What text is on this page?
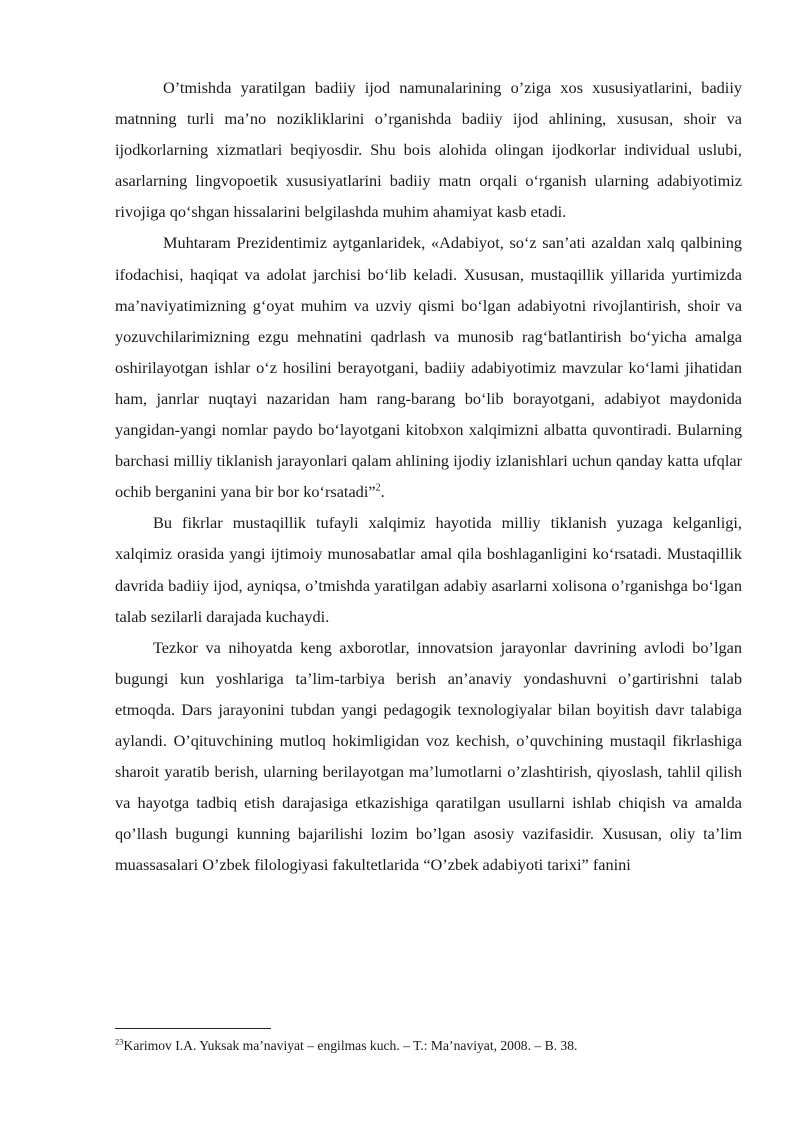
O’tmishda yaratilgan badiiy ijod namunalarining o’ziga xos xususiyatlarini, badiiy matnning turli ma’no nozikliklarini o’rganishda badiiy ijod ahlining, xususan, shoir va ijodkorlarning xizmatlari beqiyosdir. Shu bois alohida olingan ijodkorlar individual uslubi, asarlarning lingvopoetik xususiyatlarini badiiy matn orqali o‘rganish ularning adabiyotimiz rivojiga qo‘shgan hissalarini belgilashda muhim ahamiyat kasb etadi.

Muhtaram Prezidentimiz aytganlaridek, «Adabiyot, so‘z san’ati azaldan xalq qalbining ifodachisi, haqiqat va adolat jarchisi bo‘lib keladi. Xususan, mustaqillik yillarida yurtimizda ma’naviyatimizning g‘oyat muhim va uzviy qismi bo‘lgan adabiyotni rivojlantirish, shoir va yozuvchilarimizning ezgu mehnatini qadrlash va munosib rag‘batlantirish bo‘yicha amalga oshirilayotgan ishlar o‘z hosilini berayotgani, badiiy adabiyotimiz mavzular ko‘lami jihatidan ham, janrlar nuqtayi nazaridan ham rang-barang bo‘lib borayotgani, adabiyot maydonida yangidan-yangi nomlar paydo bo‘layotgani kitobxon xalqimizni albatta quvontiradi. Bularning barchasi milliy tiklanish jarayonlari qalam ahlining ijodiy izlanishlari uchun qanday katta ufqlar ochib berganini yana bir bor ko‘rsatadi”$^2$.

Bu fikrlar mustaqillik tufayli xalqimiz hayotida milliy tiklanish yuzaga kelganligi, xalqimiz orasida yangi ijtimoiy munosabatlar amal qila boshlaganligini ko‘rsatadi. Mustaqillik davrida badiiy ijod, ayniqsa, o’tmishda yaratilgan adabiy asarlarni xolisona o’rganishga bo‘lgan talab sezilarli darajada kuchaydi.

Tezkor va nihoyatda keng axborotlar, innovatsion jarayonlar davrining avlodi bo’lgan bugungi kun yoshlariga ta’lim-tarbiya berish an’anaviy yondashuvni o’gartirishni talab etmoqda. Dars jarayonini tubdan yangi pedagogik texnologiyalar bilan boyitish davr talabiga aylandi. O’qituvchining mutloq hokimligidan voz kechish, o’quvchining mustaqil fikrlashiga sharoit yaratib berish, ularning berilayotgan ma’lumotlarni o’zlashtirish, qiyoslash, tahlil qilish va hayotga tadbiq etish darajasiga etkazishiga qaratilgan usullarni ishlab chiqish va amalda qo’llash bugungi kunning bajarilishi lozim bo’lgan asosiy vazifasidir. Xususan, oliy ta’lim muassasalari O’zbek filologiyasi fakultetlarida “O’zbek adabiyoti tarixi” fanini

$^{23}$Karimov I.A. Yuksak ma’naviyat – engilmas kuch. – T.: Ma’naviyat, 2008. – B. 38.
